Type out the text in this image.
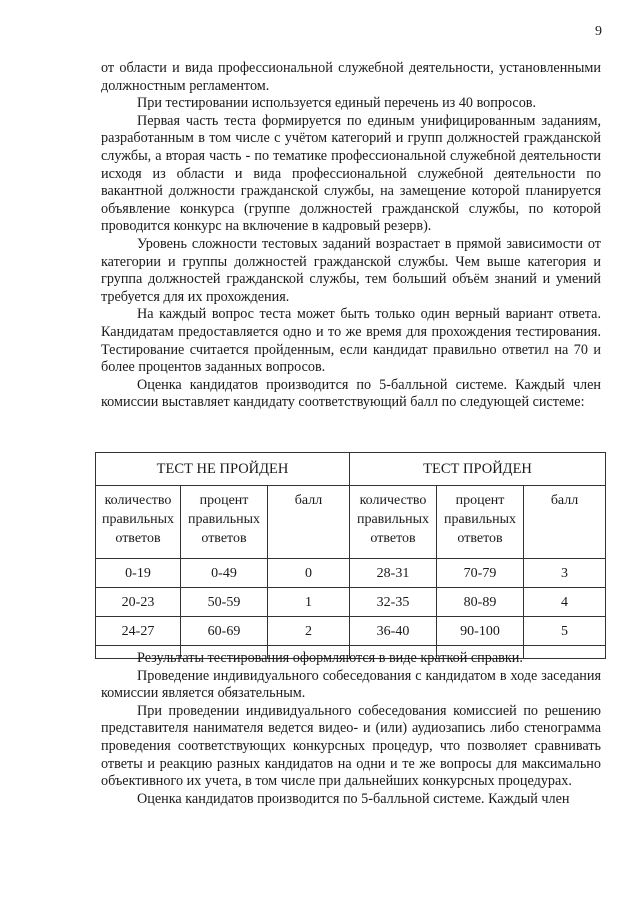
9

от области и вида профессиональной служебной деятельности, установленными должностным регламентом.

При тестировании используется единый перечень из 40 вопросов.

Первая часть теста формируется по единым унифицированным заданиям, разработанным в том числе с учётом категорий и групп должностей гражданской службы, а вторая часть - по тематике профессиональной служебной деятельности исходя из области и вида профессиональной служебной деятельности по вакантной должности гражданской службы, на замещение которой планируется объявление конкурса (группе должностей гражданской службы, по которой проводится конкурс на включение в кадровый резерв).

Уровень сложности тестовых заданий возрастает в прямой зависимости от категории и группы должностей гражданской службы. Чем выше категория и группа должностей гражданской службы, тем больший объём знаний и умений требуется для их прохождения.

На каждый вопрос теста может быть только один верный вариант ответа. Кандидатам предоставляется одно и то же время для прохождения тестирования. Тестирование считается пройденным, если кандидат правильно ответил на 70 и более процентов заданных вопросов.

Оценка кандидатов производится по 5-балльной системе. Каждый член комиссии выставляет кандидату соответствующий балл по следующей системе:

ТЕСТ НЕ ПРОЙДЕН			ТЕСТ ПРОЙДЕН		
количество правильных ответов	процент правильных ответов	балл	количество правильных ответов	процент правильных ответов	балл
0-19	0-49	0	28-31	70-79	3
20-23	50-59	1	32-35	80-89	4
24-27	60-69	2	36-40	90-100	5

Результаты тестирования оформляются в виде краткой справки.

Проведение индивидуального собеседования с кандидатом в ходе заседания комиссии является обязательным.

При проведении индивидуального собеседования комиссией по решению представителя нанимателя ведется видео- и (или) аудиозапись либо стенограмма проведения соответствующих конкурсных процедур, что позволяет сравнивать ответы и реакцию разных кандидатов на одни и те же вопросы для максимально объективного их учета, в том числе при дальнейших конкурсных процедурах.

Оценка кандидатов производится по 5-балльной системе. Каждый член
